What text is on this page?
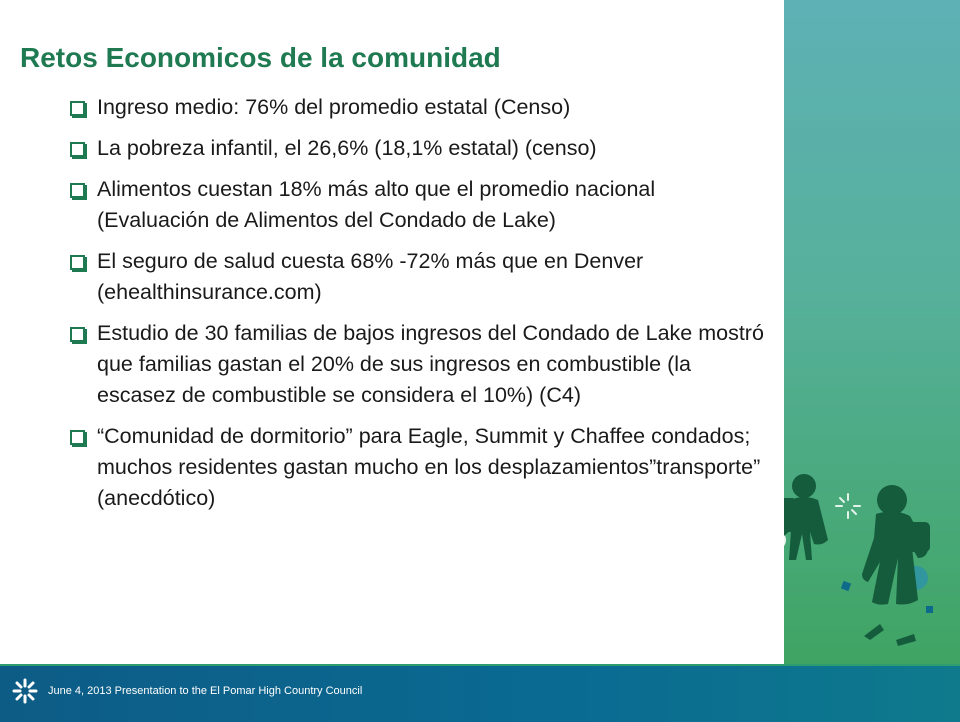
Retos Economicos de la comunidad
Ingreso medio: 76% del promedio estatal (Censo)
La pobreza infantil, el 26,6% (18,1% estatal) (censo)
Alimentos cuestan 18% más alto que el promedio nacional (Evaluación de Alimentos del Condado de Lake)
El seguro de salud cuesta 68% -72% más que en Denver (ehealthinsurance.com)
Estudio de 30 familias de bajos ingresos del Condado de Lake mostró que familias gastan el 20% de sus ingresos en combustible (la escasez de combustible se considera el 10%) (C4)
“Comunidad de dormitorio” para Eagle, Summit y Chaffee condados; muchos residentes gastan mucho en los desplazamientos”transporte” (anecdótico)
June 4, 2013 Presentation to the El Pomar High Country Council
